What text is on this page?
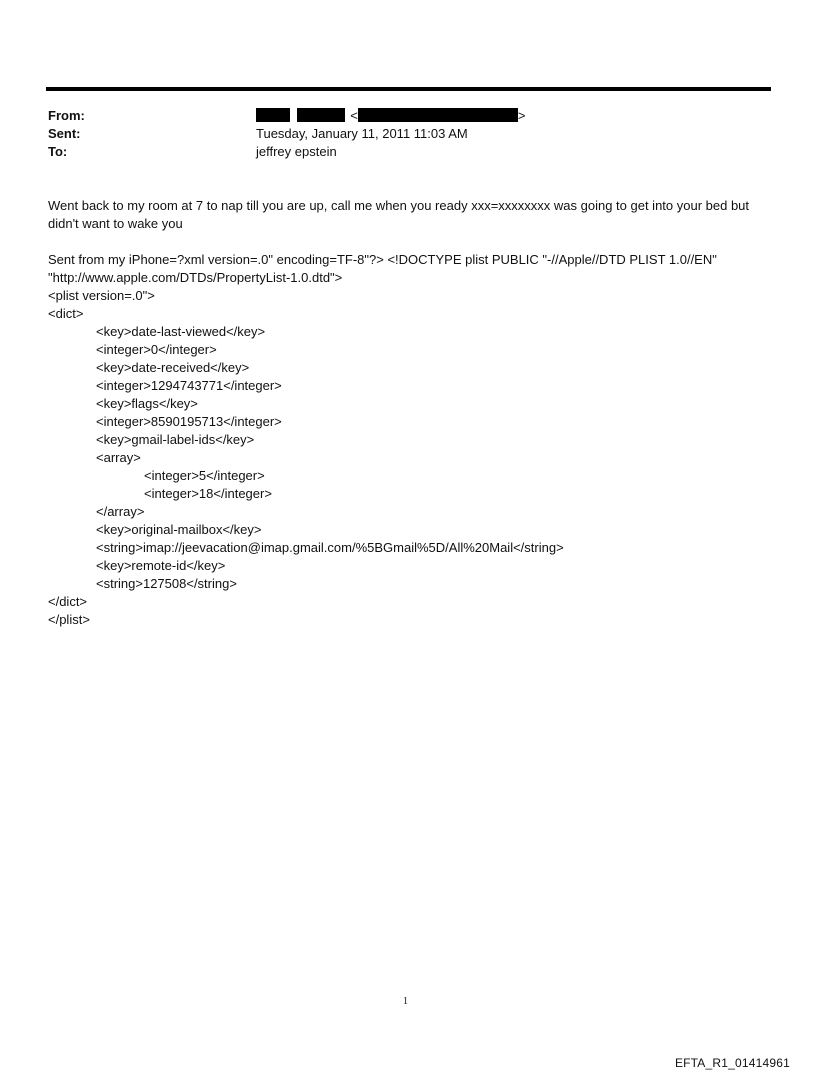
From:	<	>
Sent:	Tuesday, January 11, 2011 11:03 AM
To:	jeffrey epstein

Went back to my room at 7 to nap till you are up, call me when you ready xxx=xxxxxxxx was going to get into your bed but didn't want to wake you

Sent from my iPhone=?xml version=.0" encoding=TF-8"?> <!DOCTYPE plist PUBLIC "-//Apple//DTD PLIST 1.0//EN"
"http://www.apple.com/DTDs/PropertyList-1.0.dtd">

<plist version=.0">
<dict>
<key>date-last-viewed</key>
<integer>0</integer>
<key>date-received</key>
<integer>1294743771</integer>
<key>flags</key>
<integer>8590195713</integer>
<key>gmail-label-ids</key>
<array>
<integer>5</integer>
<integer>18</integer>
</array>
<key>original-mailbox</key>
<string>imap://jeevacation@imap.gmail.com/%5BGmail%5D/All%20Mail</string>
<key>remote-id</key>
<string>127508</string>
</dict>
</plist>
1
EFTA_R1_01414961
